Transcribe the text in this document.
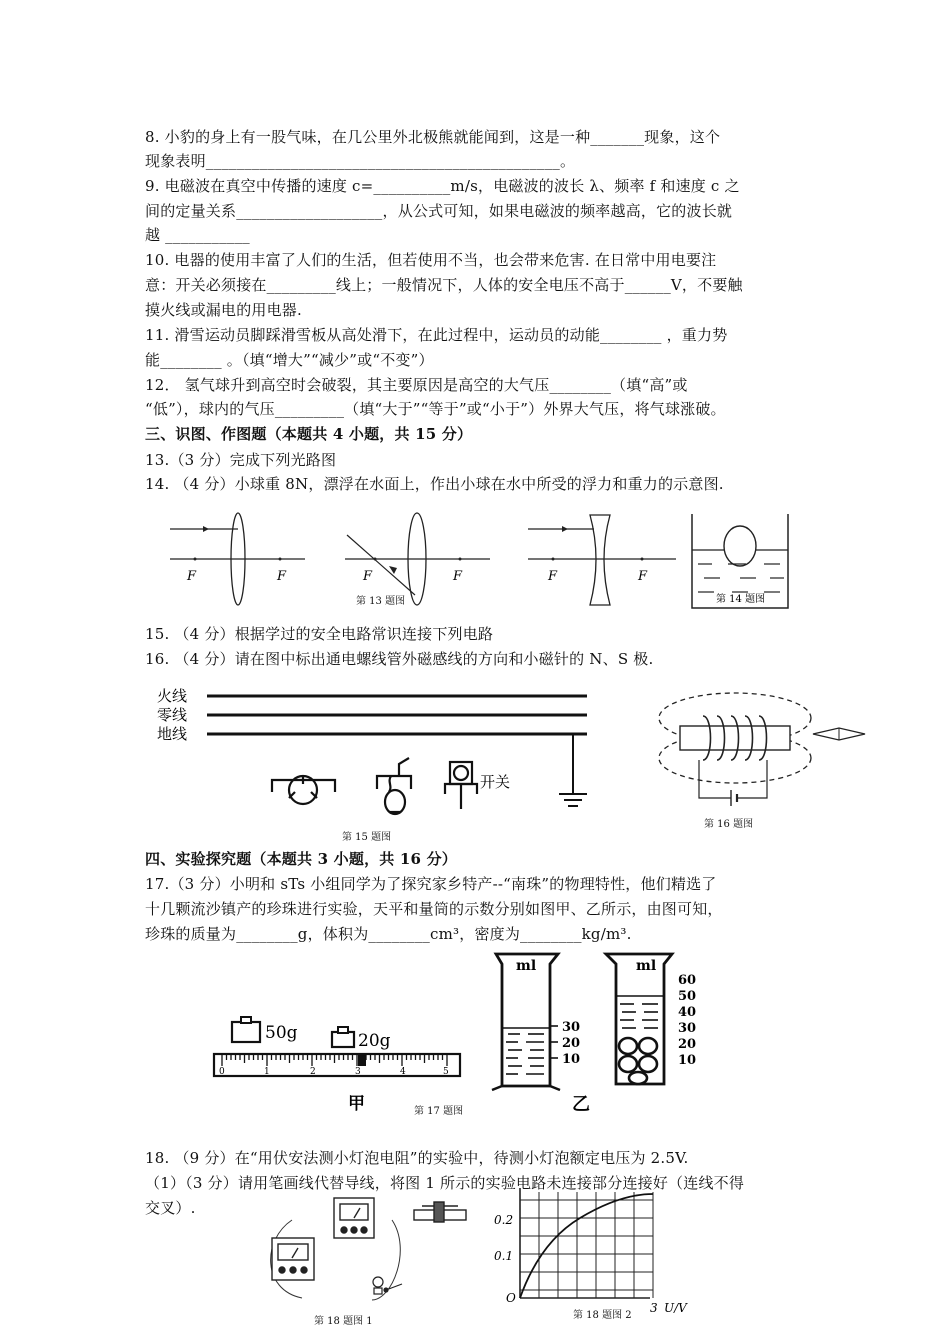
8. 小豹的身上有一股气味，在几公里外北极熊就能闻到，这是一种_______现象，这个
现象表明______________________________________________。
9. 电磁波在真空中传播的速度 c=__________m/s，电磁波的波长 λ、频率 f 和速度 c 之
间的定量关系___________________，从公式可知，如果电磁波的频率越高，它的波长就
越 ___________
10. 电器的使用丰富了人们的生活，但若使用不当，也会带来危害. 在日常中用电要注
意：开关必须接在_________线上；一般情况下，人体的安全电压不高于______V，不要触
摸火线或漏电的用电器.
11. 滑雪运动员脚踩滑雪板从高处滑下，在此过程中，运动员的动能________ ，重力势
能________ 。（填“增大”“减少”或“不变”）
12． 氢气球升到高空时会破裂，其主要原因是高空的大气压________（填“高”或
“低”），球内的气压_________（填“大于”“等于”或“小于”）外界大气压，将气球涨破。
三、识图、作图题（本题共 4 小题，共 15 分）
13.（3 分）完成下列光路图
14. （4 分）小球重 8N，漂浮在水面上，作出小球在水中所受的浮力和重力的示意图.
15. （4 分）根据学过的安全电路常识连接下列电路
16. （4 分）请在图中标出通电螺线管外磁感线的方向和小磁针的 N、S 极.
四、实验探究题（本题共 3 小题，共 16 分）
17.（3 分）小明和 sTs 小组同学为了探究家乡特产--“南珠”的物理特性，他们精选了
十几颗流沙镇产的珍珠进行实验，天平和量筒的示数分别如图甲、乙所示，由图可知，
珍珠的质量为________g，体积为________cm³，密度为________kg/m³.
18. （9 分）在“用伏安法测小灯泡电阻”的实验中，待测小灯泡额定电压为 2.5V.
（1）（3 分）请用笔画线代替导线，将图 1 所示的实验电路未连接部分连接好（连线不得
交叉）.
F	F	F	F
第 13 题图
F	F
第 14 题图
火线
零线
地线
开关
第 15 题图
第 16 题图
50g	20g
0	1	2	3	4	5
甲	第 17 题图
ml
30
20
10
ml
60
50
40
30
20
10
乙
第 18 题图 1
0.2
0.1
O
3 U/V
第 18 题图 2
